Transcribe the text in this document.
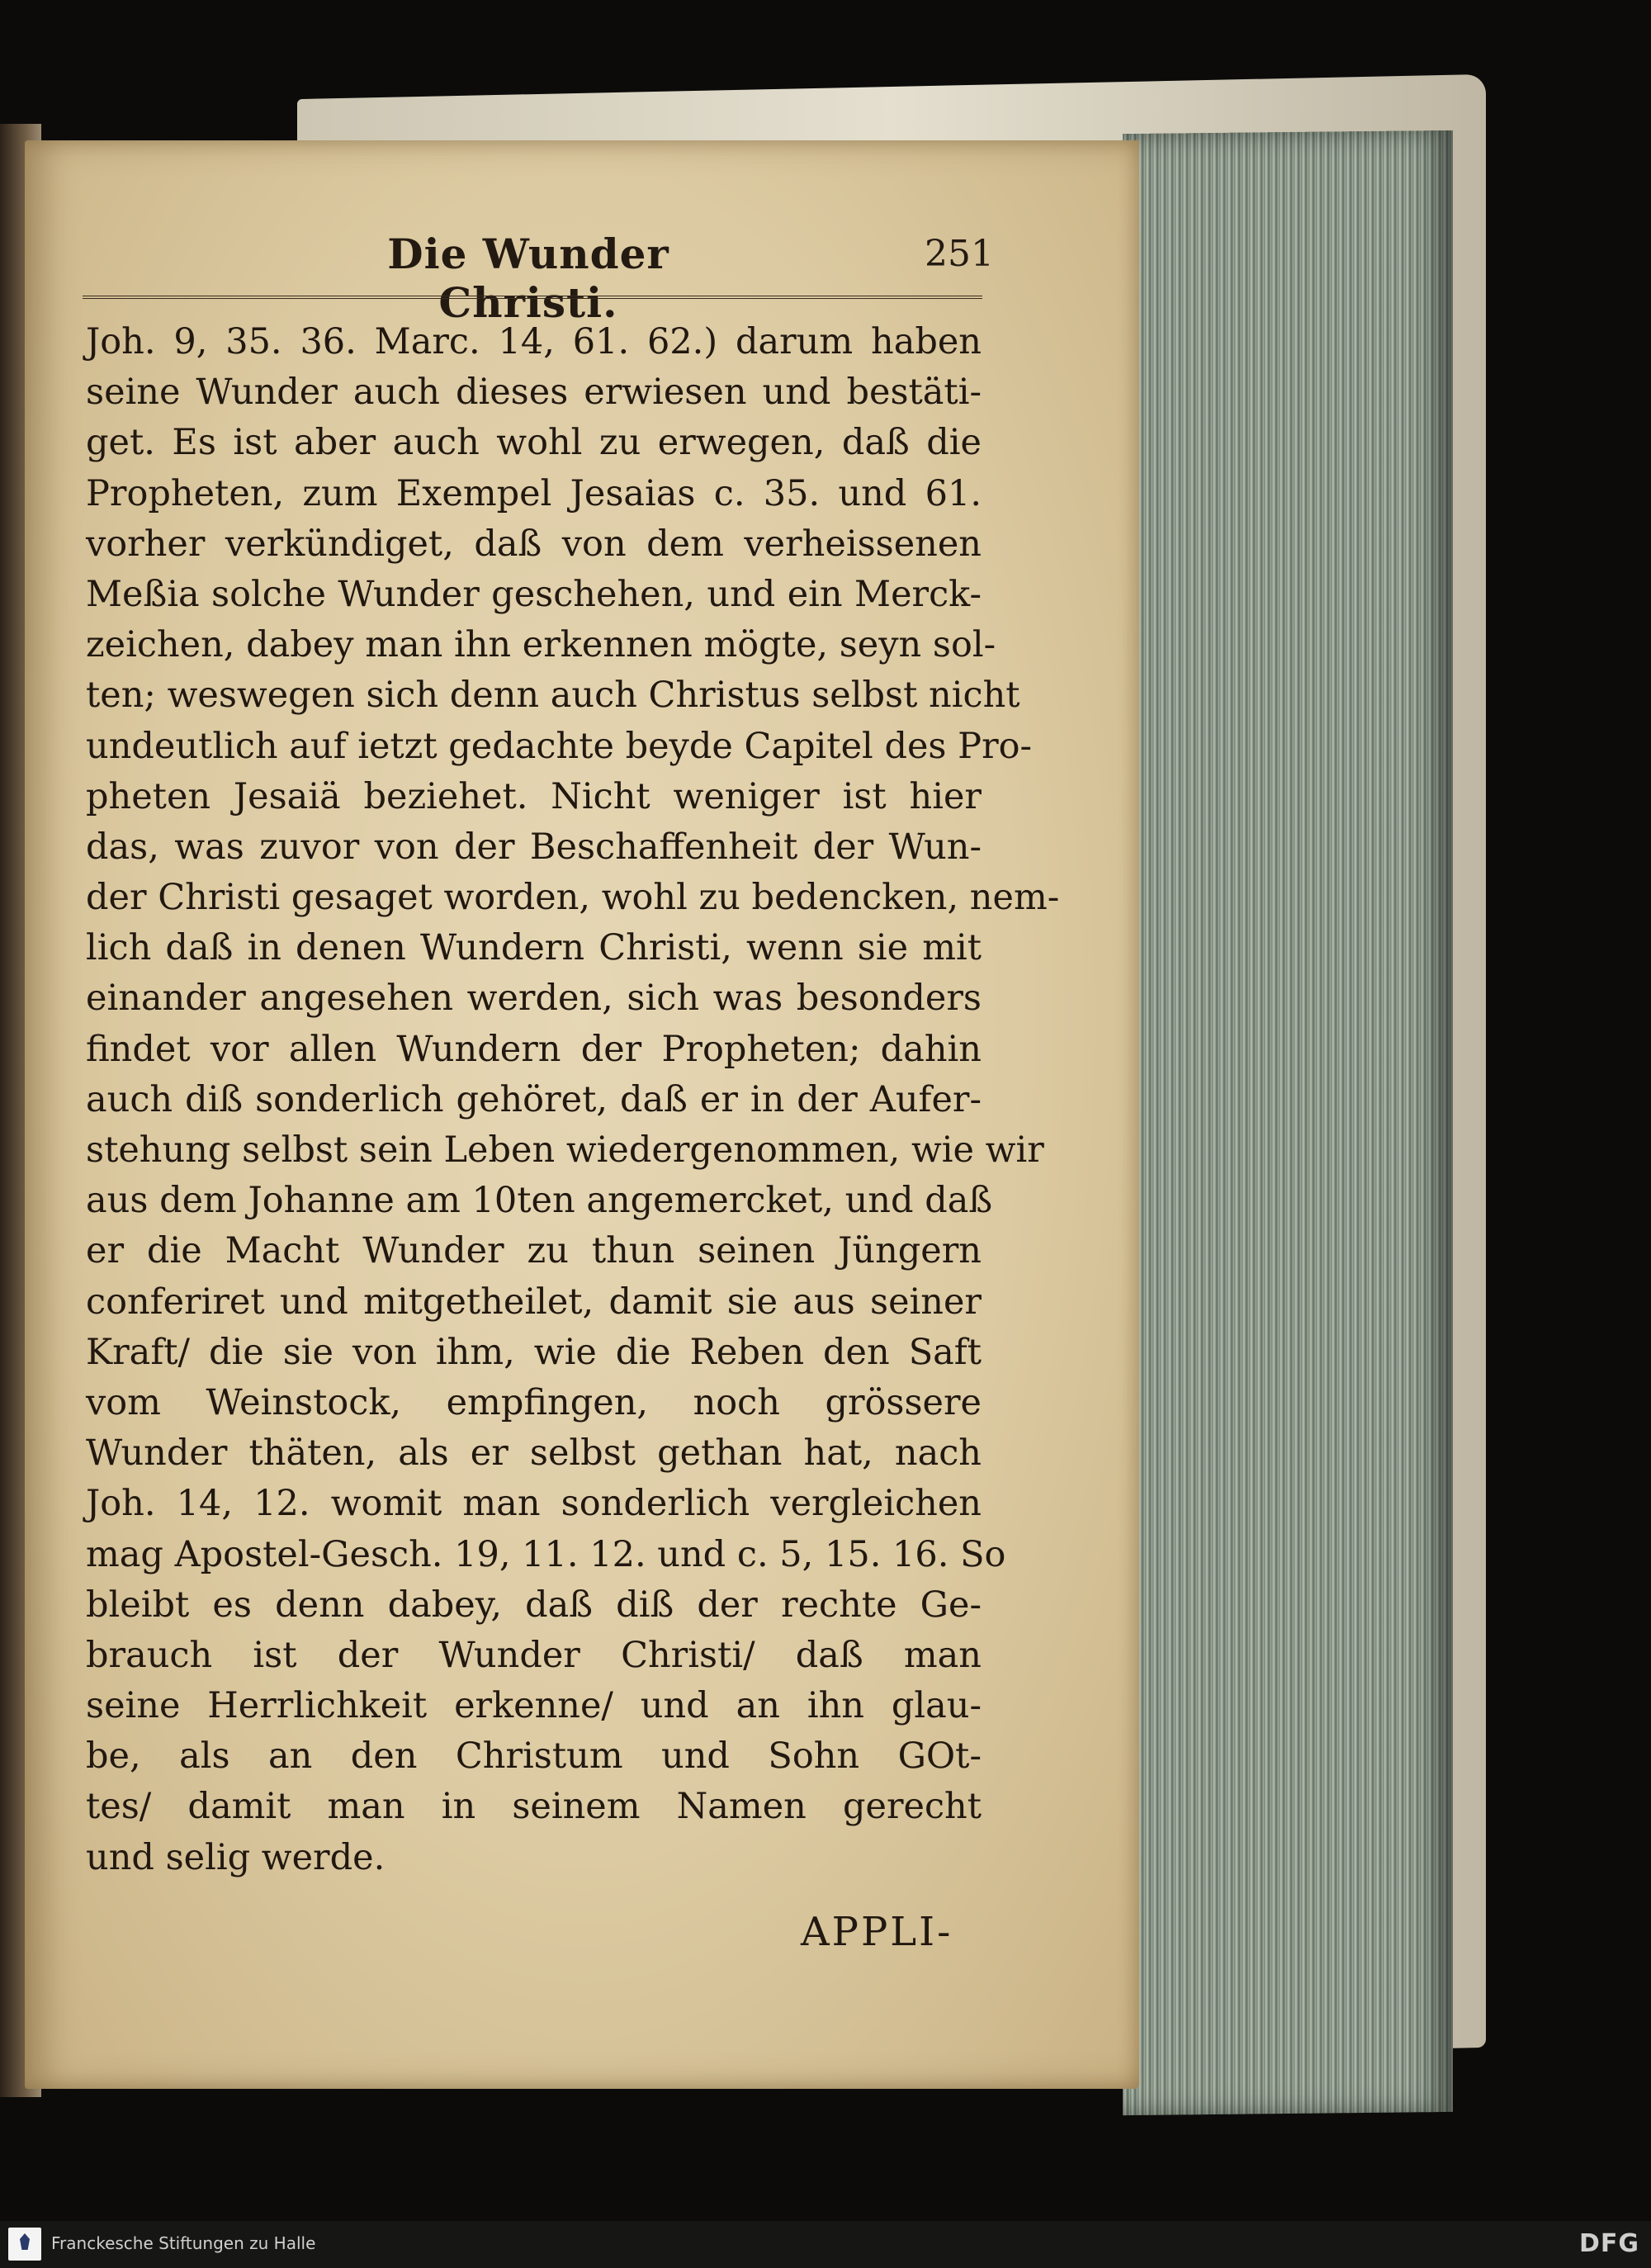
Die Wunder Christi.
251
Joh. 9, 35. 36. Marc. 14, 61. 62.) darum haben
seine Wunder auch dieses erwiesen und bestäti-
get. Es ist aber auch wohl zu erwegen, daß die
Propheten, zum Exempel Jesaias c. 35. und 61.
vorher verkündiget, daß von dem verheissenen
Meßia solche Wunder geschehen, und ein Merck-
zeichen, dabey man ihn erkennen mögte, seyn sol-
ten; weswegen sich denn auch Christus selbst nicht
undeutlich auf ietzt gedachte beyde Capitel des Pro-
pheten Jesaiä beziehet. Nicht weniger ist hier
das, was zuvor von der Beschaffenheit der Wun-
der Christi gesaget worden, wohl zu bedencken, nem-
lich daß in denen Wundern Christi, wenn sie mit
einander angesehen werden, sich was besonders
findet vor allen Wundern der Propheten; dahin
auch diß sonderlich gehöret, daß er in der Aufer-
stehung selbst sein Leben wiedergenommen, wie wir
aus dem Johanne am 10ten angemercket, und daß
er die Macht Wunder zu thun seinen Jüngern
conferiret und mitgetheilet, damit sie aus seiner
Kraft/ die sie von ihm, wie die Reben den Saft
vom Weinstock, empfingen, noch grössere
Wunder thäten, als er selbst gethan hat, nach
Joh. 14, 12. womit man sonderlich vergleichen
mag Apostel-Gesch. 19, 11. 12. und c. 5, 15. 16. So
bleibt es denn dabey, daß diß der rechte Ge-
brauch ist der Wunder Christi/ daß man
seine Herrlichkeit erkenne/ und an ihn glau-
be, als an den Christum und Sohn GOt-
tes/ damit man in seinem Namen gerecht
und selig werde.
APPLI-
Franckesche Stiftungen zu Halle	DFG
